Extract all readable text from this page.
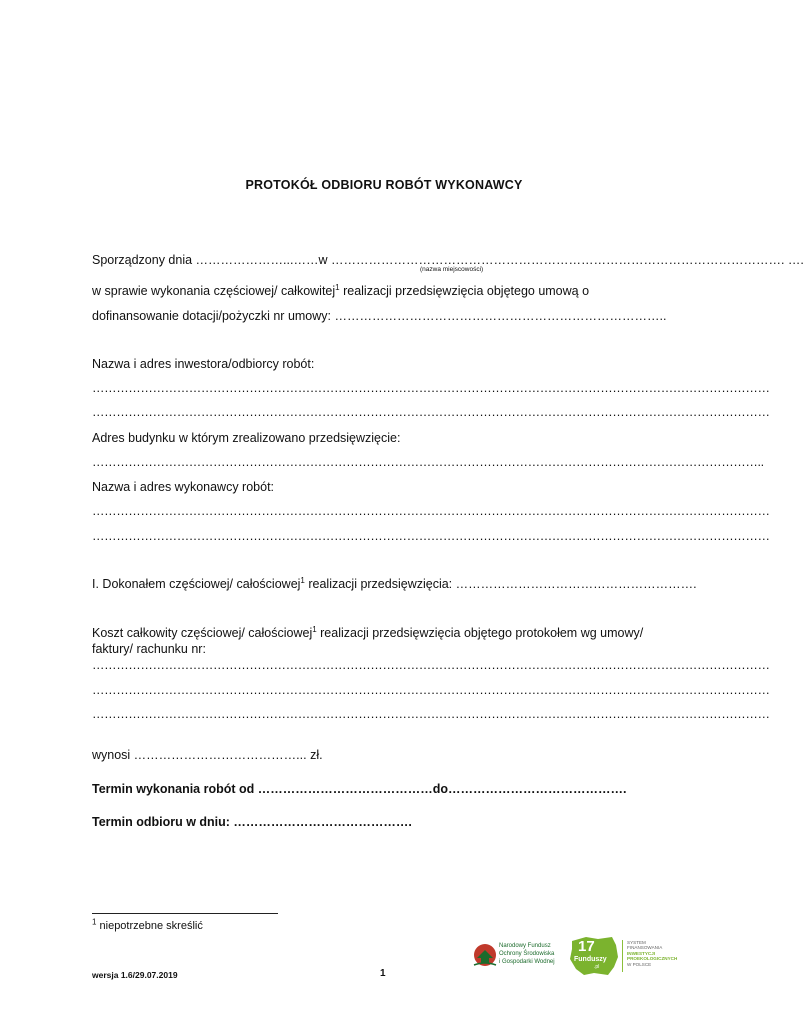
PROTOKÓŁ ODBIORU ROBÓT WYKONAWCY
Sporządzony dnia …………………...……w ………………………………………………………………………………………………. ….
(nazwa miejscowości)
w sprawie wykonania częściowej/ całkowitej$^1$ realizacji przedsięwzięcia objętego umową o
dofinansowanie dotacji/pożyczki nr umowy: ……………………………………………………………………..
Nazwa i adres inwestora/odbiorcy robót:
……………………………………………………………………………………………………………………………………………………
……………………………………………………………………………………………………………………………………………………
Adres budynku w którym zrealizowano przedsięwzięcie:
…………………………………………………………………………………………………………………………………………………..
Nazwa i adres wykonawcy robót:
……………………………………………………………………………………………………………………………………………………
……………………………………………………………………………………………………………………………………………………
I. Dokonałem częściowej/ całościowej$^1$ realizacji przedsięwzięcia: ………………………………………………….
Koszt całkowity częściowej/ całościowej$^1$ realizacji przedsięwzięcia objętego protokołem wg umowy/
faktury/ rachunku nr:
……………………………………………………………………………………………………………………………………………………
……………………………………………………………………………………………………………………………………………………
……………………………………………………………………………………………………………………………………………………
wynosi …………………………………... zł.
Termin wykonania robót od ……………………………………do…………………………………….
Termin odbioru w dniu: …………………………………….
$^1$ niepotrzebne skreślić
wersja 1.6/29.07.2019	1
Narodowy Fundusz
Ochrony Środowiska
i Gospodarki Wodnej
17
Funduszy
.pl
SYSTEM
FINANSOWANIA
INWESTYCJI
PROEKOLOGICZNYCH
W POLSCE
